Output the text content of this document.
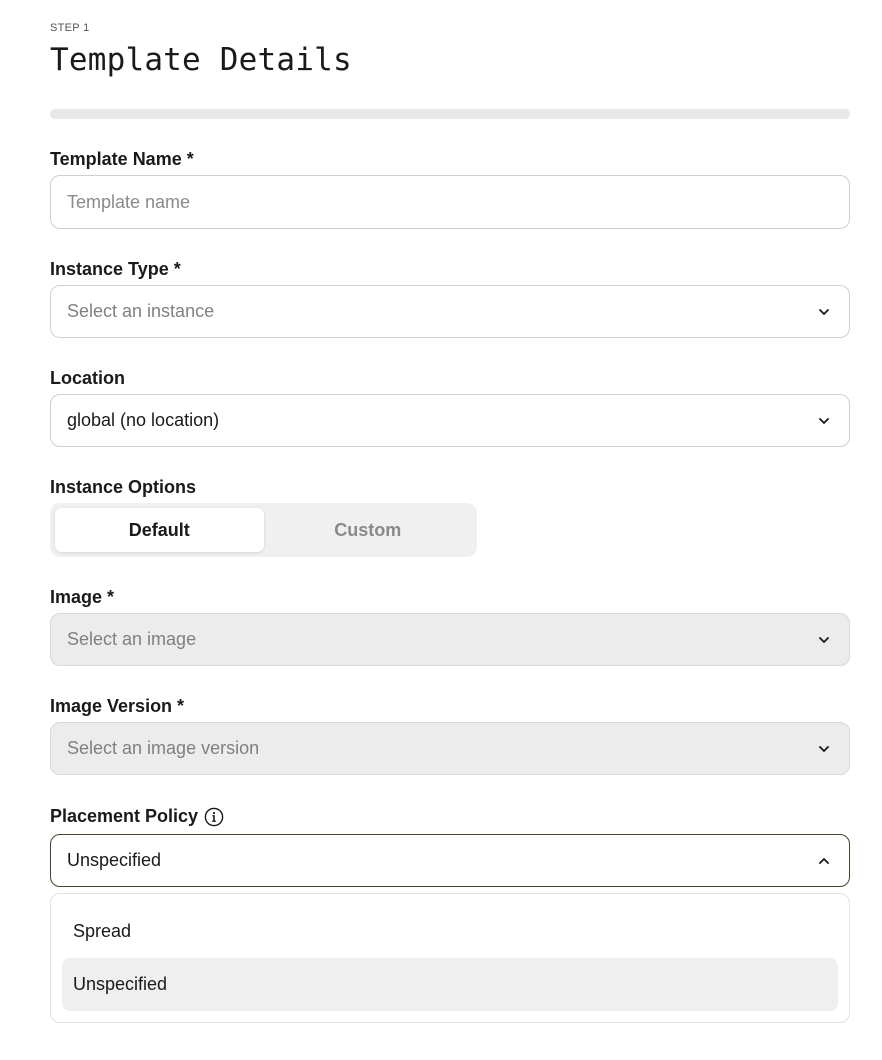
STEP 1
Template Details
Template Name *
Template name
Instance Type *
Select an instance
Location
global (no location)
Instance Options
Default	Custom
Image *
Select an image
Image Version *
Select an image version
Placement Policy
Unspecified
Spread
Unspecified
